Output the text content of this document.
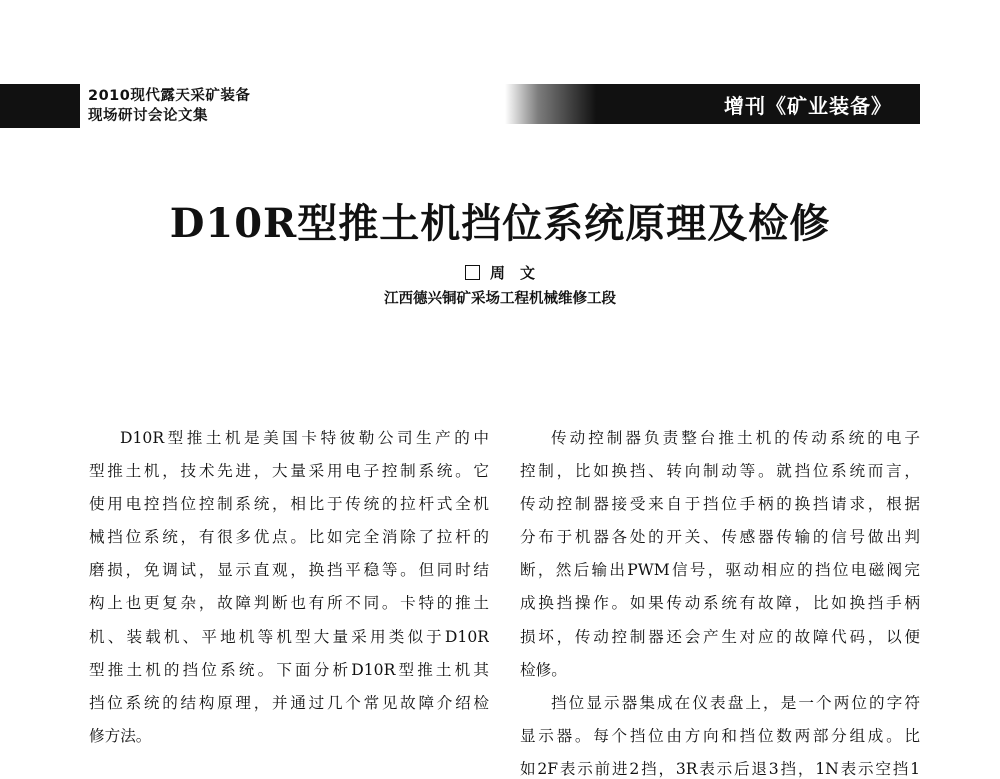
2010现代露天采矿装备
现场研讨会论文集	增刊《矿业装备》
D10R型推土机挡位系统原理及检修
周　文
江西德兴铜矿采场工程机械维修工段
D10R型推土机是美国卡特彼勒公司生产的中
型推土机，技术先进，大量采用电子控制系统。它
使用电控挡位控制系统，相比于传统的拉杆式全机
械挡位系统，有很多优点。比如完全消除了拉杆的
磨损，免调试，显示直观，换挡平稳等。但同时结
构上也更复杂，故障判断也有所不同。卡特的推土
机、装载机、平地机等机型大量采用类似于D10R
型推土机的挡位系统。下面分析D10R型推土机其
挡位系统的结构原理，并通过几个常见故障介绍检
修方法。
传动控制器负责整台推土机的传动系统的电子
控制，比如换挡、转向制动等。就挡位系统而言，
传动控制器接受来自于挡位手柄的换挡请求，根据
分布于机器各处的开关、传感器传输的信号做出判
断，然后输出PWM信号，驱动相应的挡位电磁阀完
成换挡操作。如果传动系统有故障，比如换挡手柄
损坏，传动控制器还会产生对应的故障代码，以便
检修。
挡位显示器集成在仪表盘上，是一个两位的字符
显示器。每个挡位由方向和挡位数两部分组成。比
如2F表示前进2挡，3R表示后退3挡，1N表示空挡1
